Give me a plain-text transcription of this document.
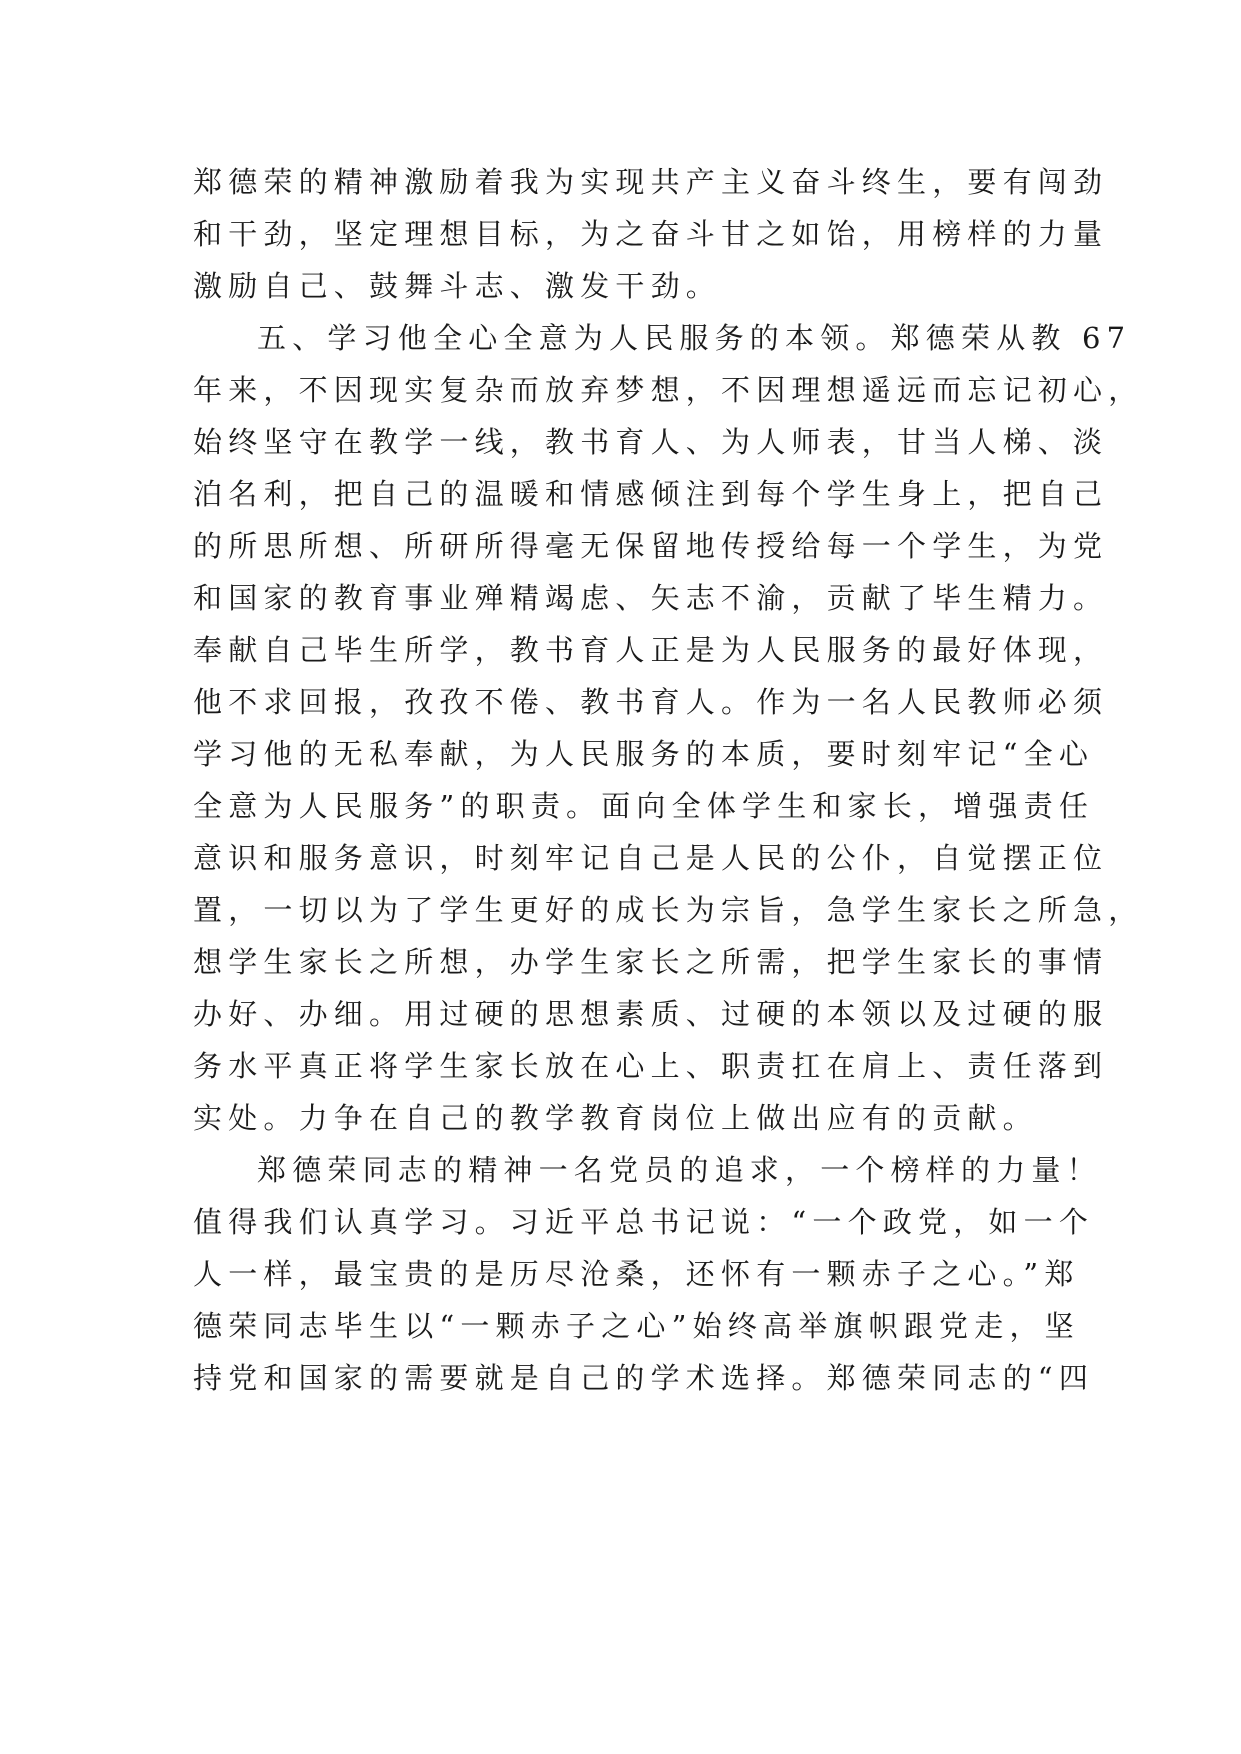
郑德荣的精神激励着我为实现共产主义奋斗终生，要有闯劲
和干劲，坚定理想目标，为之奋斗甘之如饴，用榜样的力量
激励自己、鼓舞斗志、激发干劲。
五、学习他全心全意为人民服务的本领。郑德荣从教 67
年来，不因现实复杂而放弃梦想，不因理想遥远而忘记初心，
始终坚守在教学一线，教书育人、为人师表，甘当人梯、淡
泊名利，把自己的温暖和情感倾注到每个学生身上，把自己
的所思所想、所研所得毫无保留地传授给每一个学生，为党
和国家的教育事业殚精竭虑、矢志不渝，贡献了毕生精力。
奉献自己毕生所学，教书育人正是为人民服务的最好体现，
他不求回报，孜孜不倦、教书育人。作为一名人民教师必须
学习他的无私奉献，为人民服务的本质，要时刻牢记“全心
全意为人民服务”的职责。面向全体学生和家长，增强责任
意识和服务意识，时刻牢记自己是人民的公仆，自觉摆正位
置，一切以为了学生更好的成长为宗旨，急学生家长之所急，
想学生家长之所想，办学生家长之所需，把学生家长的事情
办好、办细。用过硬的思想素质、过硬的本领以及过硬的服
务水平真正将学生家长放在心上、职责扛在肩上、责任落到
实处。力争在自己的教学教育岗位上做出应有的贡献。
郑德荣同志的精神一名党员的追求，一个榜样的力量！
值得我们认真学习。习近平总书记说：“一个政党，如一个
人一样，最宝贵的是历尽沧桑，还怀有一颗赤子之心。”郑
德荣同志毕生以“一颗赤子之心”始终高举旗帜跟党走，坚
持党和国家的需要就是自己的学术选择。郑德荣同志的“四
